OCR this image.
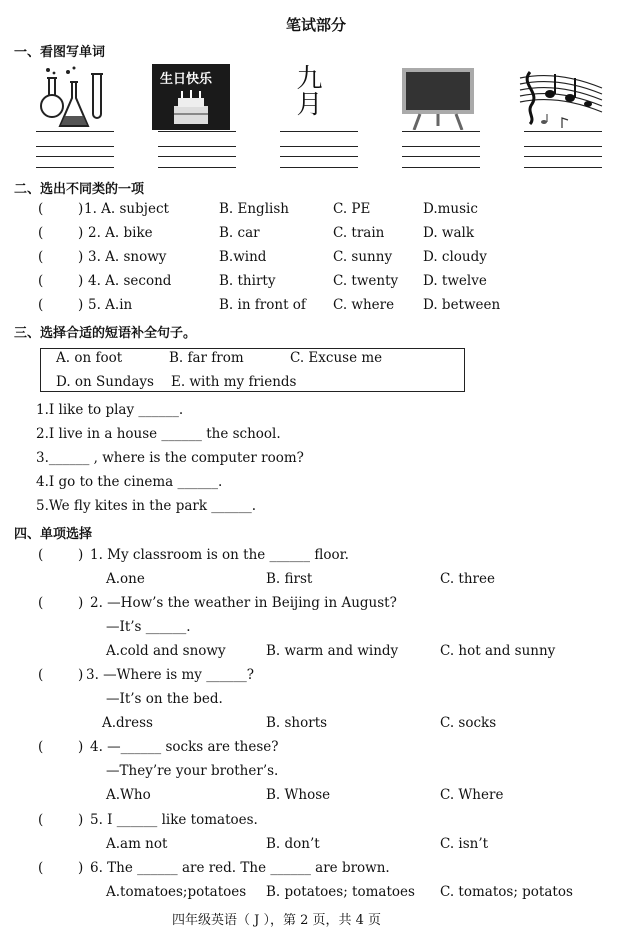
笔试部分
一、看图写单词
生日快乐	九月
二、选出不同类的一项
(	) 1. A. subject	B. English	C. PE	D.music
(	) 2. A. bike	B. car	C. train	D. walk
(	) 3. A. snowy	B.wind	C. sunny D. cloudy
(	) 4. A. second	B. thirty	C. twenty D. twelve
(	) 5. A.in	B. in front of C. where D. between
三、选择合适的短语补全句子。
A. on foot	B. far from	C. Excuse me
D. on Sundays E. with my friends
1.I like to play ______.
2.I live in a house ______ the school.
3.______ , where is the computer room?
4.I go to the cinema ______.
5.We fly kites in the park ______.
四、单项选择
(	) 1. My classroom is on the ______ floor.
A.one	B. first	C. three
(	) 2. —How’s the weather in Beijing in August?
—It’s ______.
A.cold and snowy	B. warm and windy	C. hot and sunny
(	) 3. —Where is my ______?
—It’s on the bed.
A.dress	B. shorts	C. socks
(	) 4. —______ socks are these?
—They’re your brother’s.
A.Who	B. Whose	C. Where
(	) 5. I ______ like tomatoes.
A.am not	B. don’t	C. isn’t
(	) 6. The ______ are red. The ______ are brown.
A.tomatoes;potatoes B. potatoes; tomatoes C. tomatos; potatos
四年级英语（ J ），第 2 页，共 4 页
